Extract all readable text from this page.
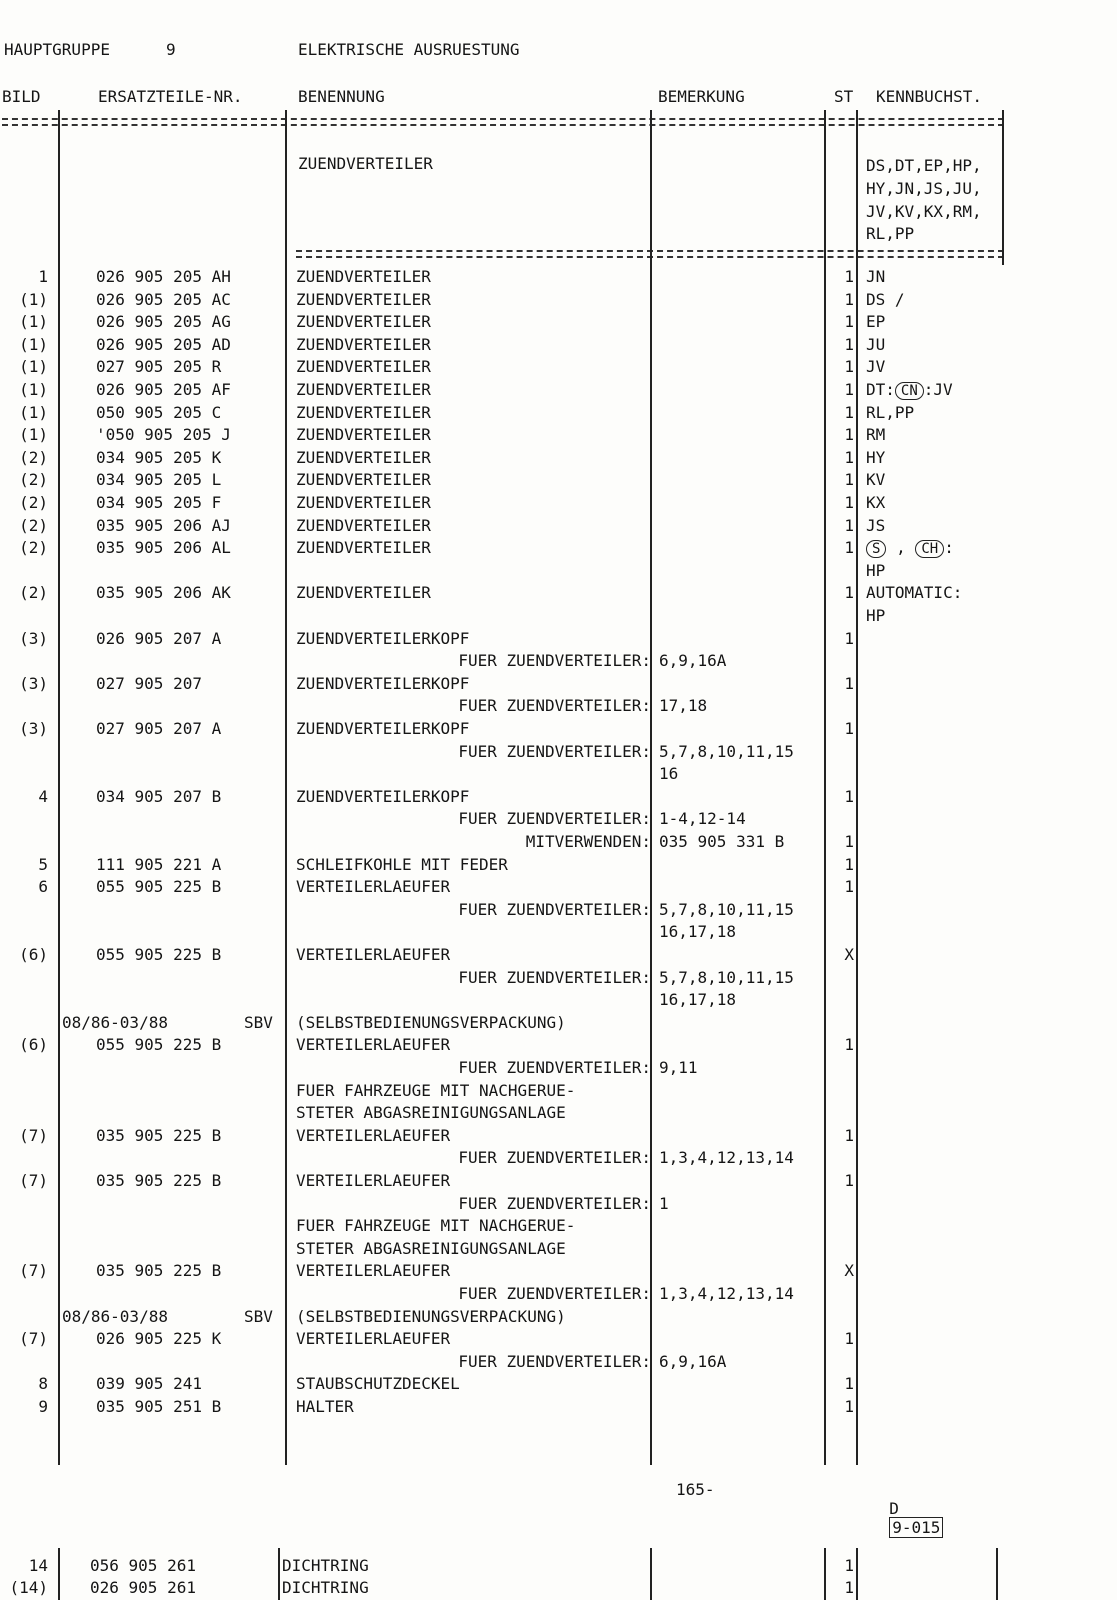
HAUPTGRUPPE	9	ELEKTRISCHE AUSRUESTUNG
BILD	ERSATZTEILE-NR.	BENENNUNG	BEMERKUNG	ST KENNBUCHST.
ZUENDVERTEILER	DS,DT,EP,HP,
HY,JN,JS,JU,
JV,KV,KX,RM,
RL,PP
1	026 905 205 AH	ZUENDVERTEILER	1 JN
(1)	026 905 205 AC	ZUENDVERTEILER	1 DS /
(1)	026 905 205 AG	ZUENDVERTEILER	1 EP
(1)	026 905 205 AD	ZUENDVERTEILER	1 JU
(1)	027 905 205 R	ZUENDVERTEILER	1 JV
(1)	026 905 205 AF	ZUENDVERTEILER	1 DT: CN :JV
(1)	050 905 205 C	ZUENDVERTEILER	1 RL,PP
(1)	'050 905 205 J	ZUENDVERTEILER	1 RM
(2)	034 905 205 K	ZUENDVERTEILER	1 HY
(2)	034 905 205 L	ZUENDVERTEILER	1 KV
(2)	034 905 205 F	ZUENDVERTEILER	1 KX
(2)	035 905 206 AJ	ZUENDVERTEILER	1 JS
(2)	035 905 206 AL	ZUENDVERTEILER	1	S , CH :
HP
(2)	035 905 206 AK	ZUENDVERTEILER	1 AUTOMATIC:
HP
(3)	026 905 207 A	ZUENDVERTEILERKOPF	1
FUER ZUENDVERTEILER: 6,9,16A
(3)	027 905 207	ZUENDVERTEILERKOPF	1
FUER ZUENDVERTEILER: 17,18
(3)	027 905 207 A	ZUENDVERTEILERKOPF	1
FUER ZUENDVERTEILER: 5,7,8,10,11,15
16
4	034 905 207 B	ZUENDVERTEILERKOPF	1
FUER ZUENDVERTEILER: 1-4,12-14
MITVERWENDEN: 035 905 331 B	1
5	111 905 221 A	SCHLEIFKOHLE MIT FEDER	1
6	055 905 225 B	VERTEILERLAEUFER	1
FUER ZUENDVERTEILER: 5,7,8,10,11,15
16,17,18
(6)	055 905 225 B	VERTEILERLAEUFER	X
FUER ZUENDVERTEILER: 5,7,8,10,11,15
16,17,18
08/86-03/88	SBV (SELBSTBEDIENUNGSVERPACKUNG)
(6)	055 905 225 B	VERTEILERLAEUFER	1
FUER ZUENDVERTEILER: 9,11
FUER FAHRZEUGE MIT NACHGERUE-
STETER ABGASREINIGUNGSANLAGE
(7)	035 905 225 B	VERTEILERLAEUFER	1
FUER ZUENDVERTEILER: 1,3,4,12,13,14
(7)	035 905 225 B	VERTEILERLAEUFER	1
FUER ZUENDVERTEILER: 1
FUER FAHRZEUGE MIT NACHGERUE-
STETER ABGASREINIGUNGSANLAGE
(7)	035 905 225 B	VERTEILERLAEUFER	X
FUER ZUENDVERTEILER: 1,3,4,12,13,14
08/86-03/88	SBV (SELBSTBEDIENUNGSVERPACKUNG)
(7)	026 905 225 K	VERTEILERLAEUFER	1
FUER ZUENDVERTEILER: 6,9,16A
8	039 905 241	STAUBSCHUTZDECKEL	1
9	035 905 251 B	HALTER	1
165-

D
9-015

14	056 905 261	DICHTRING	1
(14)	026 905 261	DICHTRING	1
